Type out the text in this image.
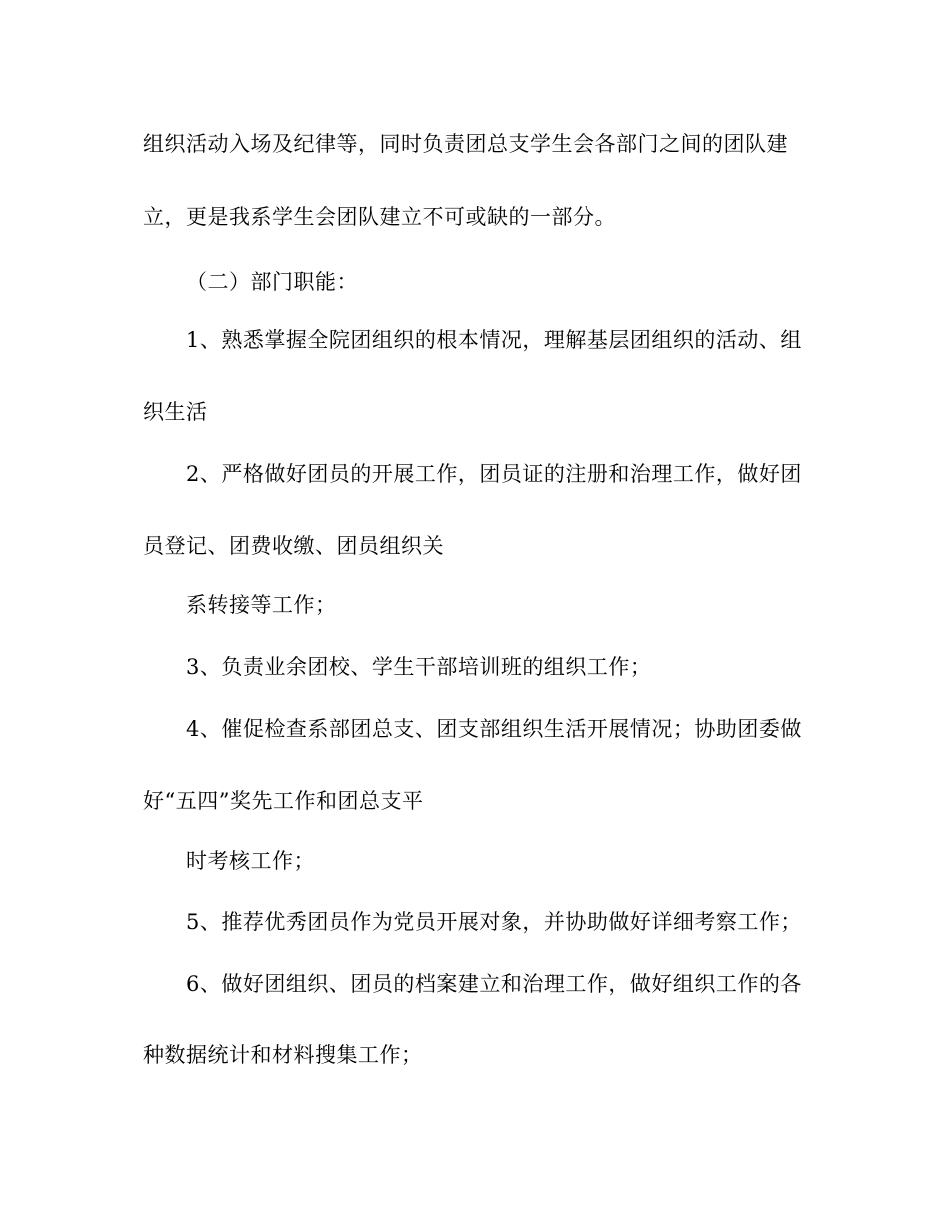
组织活动入场及纪律等，同时负责团总支学生会各部门之间的团队建
立，更是我系学生会团队建立不可或缺的一部分。
（二）部门职能：
1、熟悉掌握全院团组织的根本情况，理解基层团组织的活动、组
织生活
2、严格做好团员的开展工作，团员证的注册和治理工作，做好团
员登记、团费收缴、团员组织关
系转接等工作；
3、负责业余团校、学生干部培训班的组织工作；
4、催促检查系部团总支、团支部组织生活开展情况；协助团委做
好“五四”奖先工作和团总支平
时考核工作；
5、推荐优秀团员作为党员开展对象，并协助做好详细考察工作；
6、做好团组织、团员的档案建立和治理工作，做好组织工作的各
种数据统计和材料搜集工作；
